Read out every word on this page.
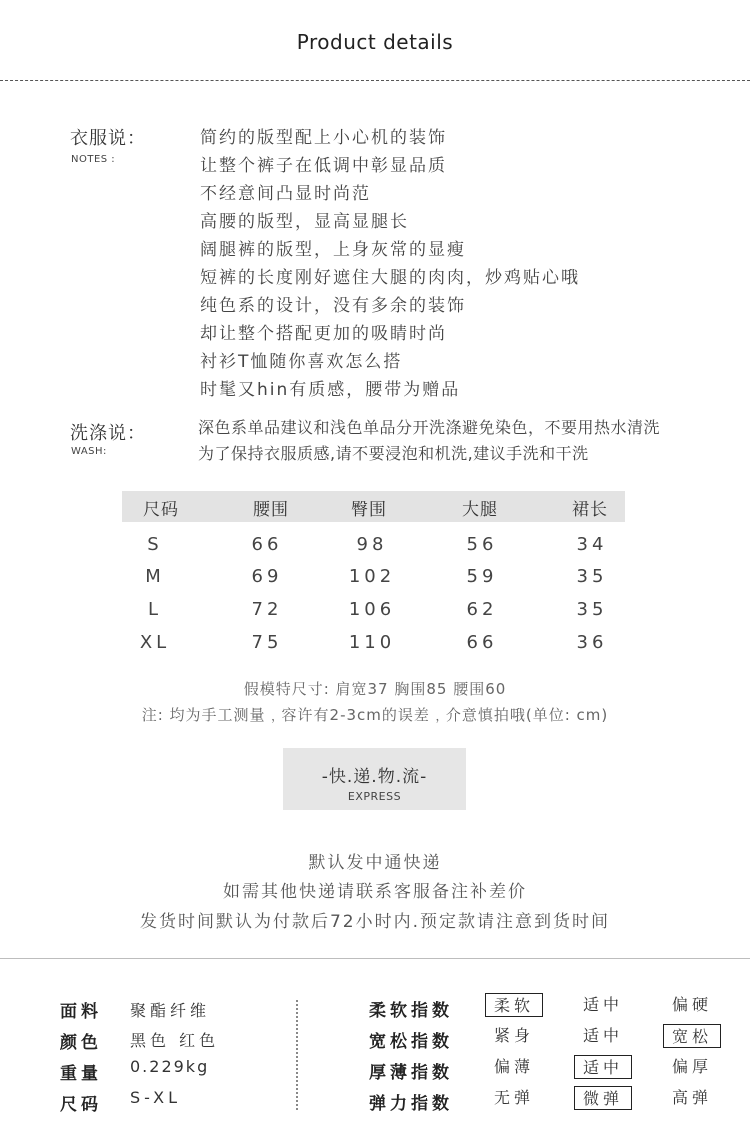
Product details
衣服说：
NOTES :
简约的版型配上小心机的装饰
让整个裤子在低调中彰显品质
不经意间凸显时尚范
高腰的版型，显高显腿长
阔腿裤的版型，上身灰常的显瘦
短裤的长度刚好遮住大腿的肉肉，炒鸡贴心哦
纯色系的设计，没有多余的装饰
却让整个搭配更加的吸睛时尚
衬衫T恤随你喜欢怎么搭
时髦又hin有质感，腰带为赠品
洗涤说：
WASH:
深色系单品建议和浅色单品分开洗涤避免染色，不要用热水清洗
为了保持衣服质感,请不要浸泡和机洗,建议手洗和干洗
尺码	腰围	臀围	大腿	裙长
S	66	98	56	34
M	69	102	59	35
L	72	106	62	35
XL	75	110	66	36
假模特尺寸: 肩宽37 胸围85 腰围60
注: 均为手工测量﹐容许有2-3cm的误差﹐介意慎拍哦(单位: cm)
-快.递.物.流-
EXPRESS
默认发中通快递
如需其他快递请联系客服备注补差价
发货时间默认为付款后72小时内.预定款请注意到货时间
面料 聚酯纤维
颜色 黑色 红色
重量 0.229kg
尺码 S-XL
柔软指数	柔软	适中	偏硬
宽松指数	紧身	适中	宽松
厚薄指数	偏薄	适中	偏厚
弹力指数	无弹	微弹	高弹
